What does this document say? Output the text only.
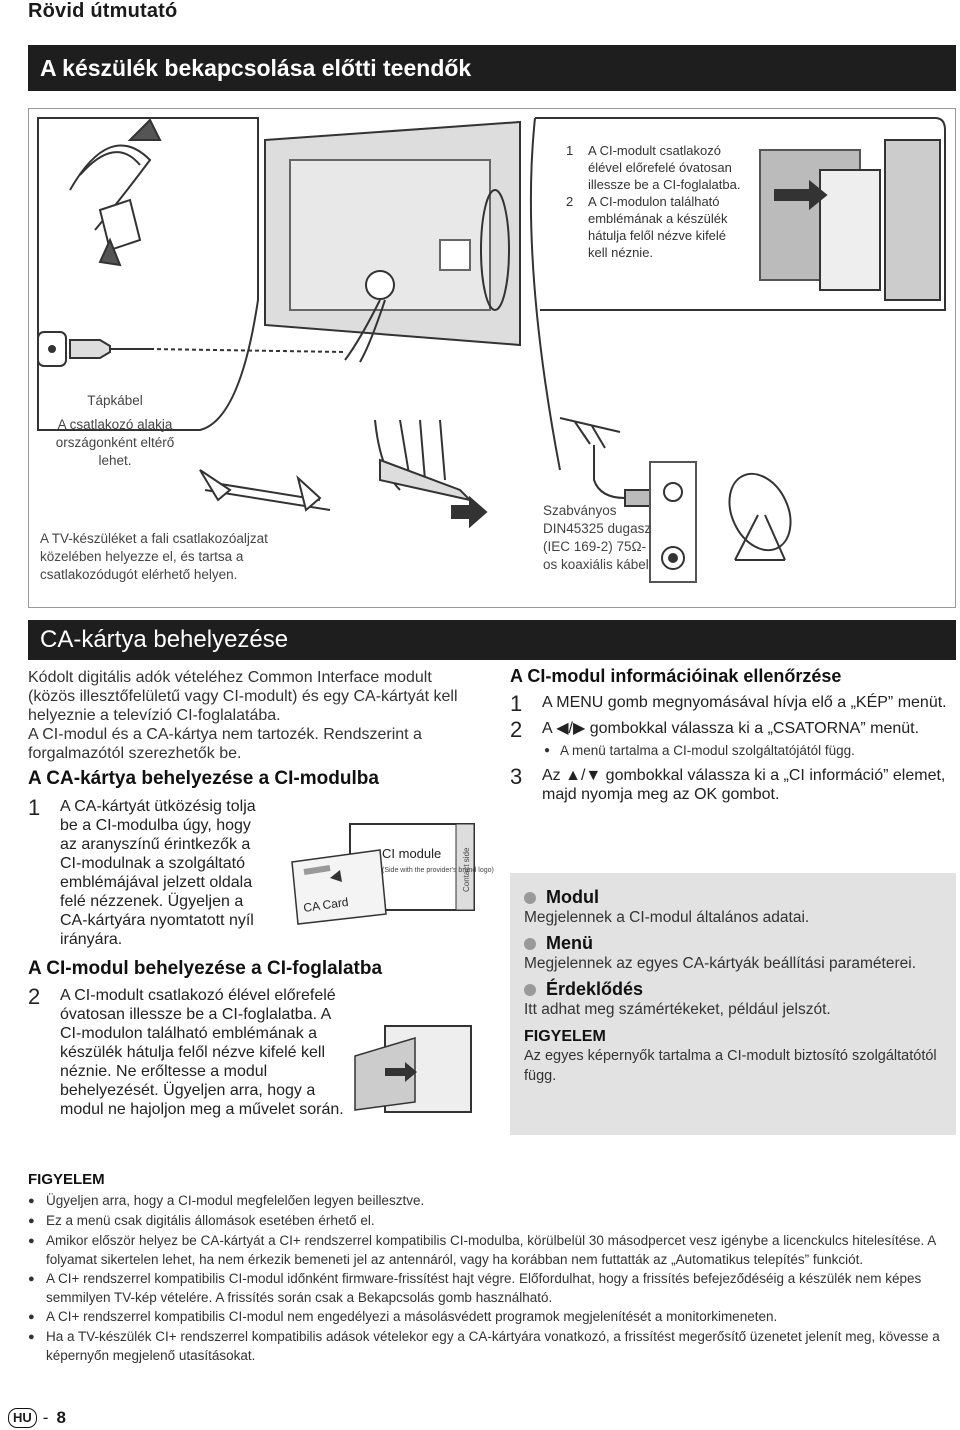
Rövid útmutató
A készülék bekapcsolása előtti teendők
1	A CI-modult csatlakozó élével előrefelé óvatosan illessze be a CI-foglalatba.
2	A CI-modulon található emblémának a készülék hátulja felől nézve kifelé kell néznie.
Tápkábel
A csatlakozó alakja országonként eltérő lehet.
A TV-készüléket a fali csatlakozóaljzat közelében helyezze el, és tartsa a csatlakozódugót elérhető helyen.
Szabványos DIN45325 dugasz (IEC 169-2) 75Ω-os koaxiális kábel
CA-kártya behelyezése
Kódolt digitális adók vételéhez Common Interface modult (közös illesztőfelületű vagy CI-modult) és egy CA-kártyát kell helyeznie a televízió CI-foglalatába.
A CI-modul és a CA-kártya nem tartozék. Rendszerint a forgalmazótól szerezhetők be.
A CA-kártya behelyezése a CI-modulba
1	A CA-kártyát ütközésig tolja be a CI-modulba úgy, hogy az aranyszínű érintkezők a CI-modulnak a szolgáltató emblémájával jelzett oldala felé nézzenek. Ügyeljen a CA-kártyára nyomtatott nyíl irányára.
CI module
(Side with the provider's brand logo)
Contact side
CA Card
A CI-modul behelyezése a CI-foglalatba
2	A CI-modult csatlakozó élével előrefelé óvatosan illessze be a CI-foglalatba. A CI-modulon található emblémának a készülék hátulja felől nézve kifelé kell néznie. Ne erőltesse a modul behelyezését. Ügyeljen arra, hogy a modul ne hajoljon meg a művelet során.
A CI-modul információinak ellenőrzése
1	A MENU gomb megnyomásával hívja elő a „KÉP” menüt.
2	A ◀/▶ gombokkal válassza ki a „CSATORNA” menüt.
● A menü tartalma a CI-modul szolgáltatójától függ.
3	Az ▲/▼ gombokkal válassza ki a „CI információ” elemet, majd nyomja meg az OK gombot.
Modul
Megjelennek a CI-modul általános adatai.
Menü
Megjelennek az egyes CA-kártyák beállítási paraméterei.
Érdeklődés
Itt adhat meg számértékeket, például jelszót.
FIGYELEM
Az egyes képernyők tartalma a CI-modult biztosító szolgáltatótól függ.
FIGYELEM
● Ügyeljen arra, hogy a CI-modul megfelelően legyen beillesztve.
● Ez a menü csak digitális állomások esetében érhető el.
● Amikor először helyez be CA-kártyát a CI+ rendszerrel kompatibilis CI-modulba, körülbelül 30 másodpercet vesz igénybe a licenckulcs hitelesítése. A folyamat sikertelen lehet, ha nem érkezik bemeneti jel az antennáról, vagy ha korábban nem futtatták az „Automatikus telepítés” funkciót.
● A CI+ rendszerrel kompatibilis CI-modul időnként firmware-frissítést hajt végre. Előfordulhat, hogy a frissítés befejeződéséig a készülék nem képes semmilyen TV-kép vételére. A frissítés során csak a Bekapcsolás gomb használható.
● A CI+ rendszerrel kompatibilis CI-modul nem engedélyezi a másolásvédett programok megjelenítését a monitorkimeneten.
● Ha a TV-készülék CI+ rendszerrel kompatibilis adások vételekor egy a CA-kártyára vonatkozó, a frissítést megerősítő üzenetet jelenít meg, kövesse a képernyőn megjelenő utasításokat.
HU - 8
